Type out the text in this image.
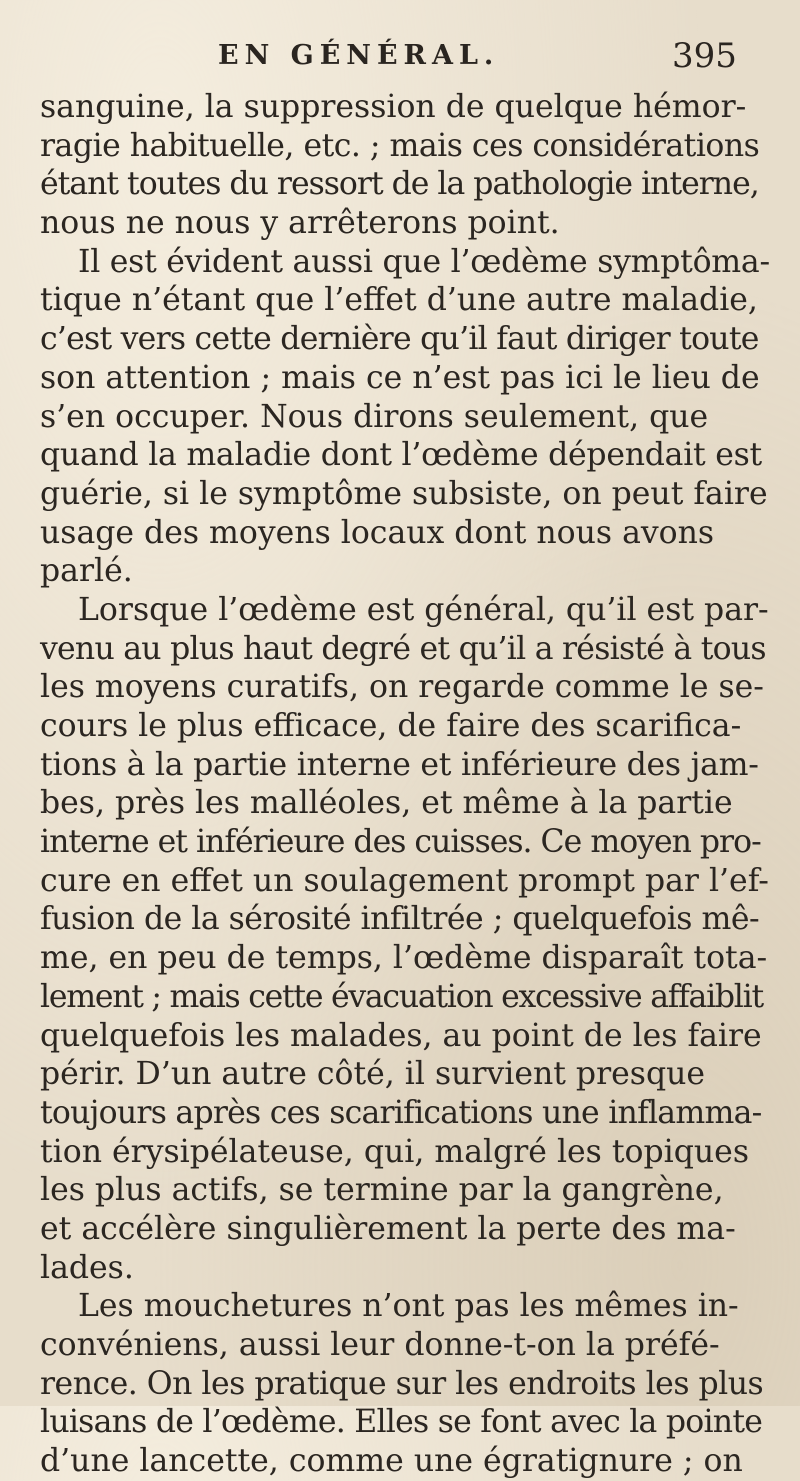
EN GÉNÉRAL.	395
sanguine, la suppression de quelque hémor-
ragie habituelle, etc. ; mais ces considérations
étant toutes du ressort de la pathologie interne,
nous ne nous y arrêterons point.
Il est évident aussi que l’œdème symptôma-
tique n’étant que l’effet d’une autre maladie,
c’est vers cette dernière qu’il faut diriger toute
son attention ; mais ce n’est pas ici le lieu de
s’en occuper. Nous dirons seulement, que
quand la maladie dont l’œdème dépendait est
guérie, si le symptôme subsiste, on peut faire
usage des moyens locaux dont nous avons
parlé.
Lorsque l’œdème est général, qu’il est par-
venu au plus haut degré et qu’il a résisté à tous
les moyens curatifs, on regarde comme le se-
cours le plus efficace, de faire des scarifica-
tions à la partie interne et inférieure des jam-
bes, près les malléoles, et même à la partie
interne et inférieure des cuisses. Ce moyen pro-
cure en effet un soulagement prompt par l’ef-
fusion de la sérosité infiltrée ; quelquefois mê-
me, en peu de temps, l’œdème disparaît tota-
lement ; mais cette évacuation excessive affaiblit
quelquefois les malades, au point de les faire
périr. D’un autre côté, il survient presque
toujours après ces scarifications une inflamma-
tion érysipélateuse, qui, malgré les topiques
les plus actifs, se termine par la gangrène,
et accélère singulièrement la perte des ma-
lades.
Les mouchetures n’ont pas les mêmes in-
convéniens, aussi leur donne-t-on la préfé-
rence. On les pratique sur les endroits les plus
luisans de l’œdème. Elles se font avec la pointe
d’une lancette, comme une égratignure ; on
